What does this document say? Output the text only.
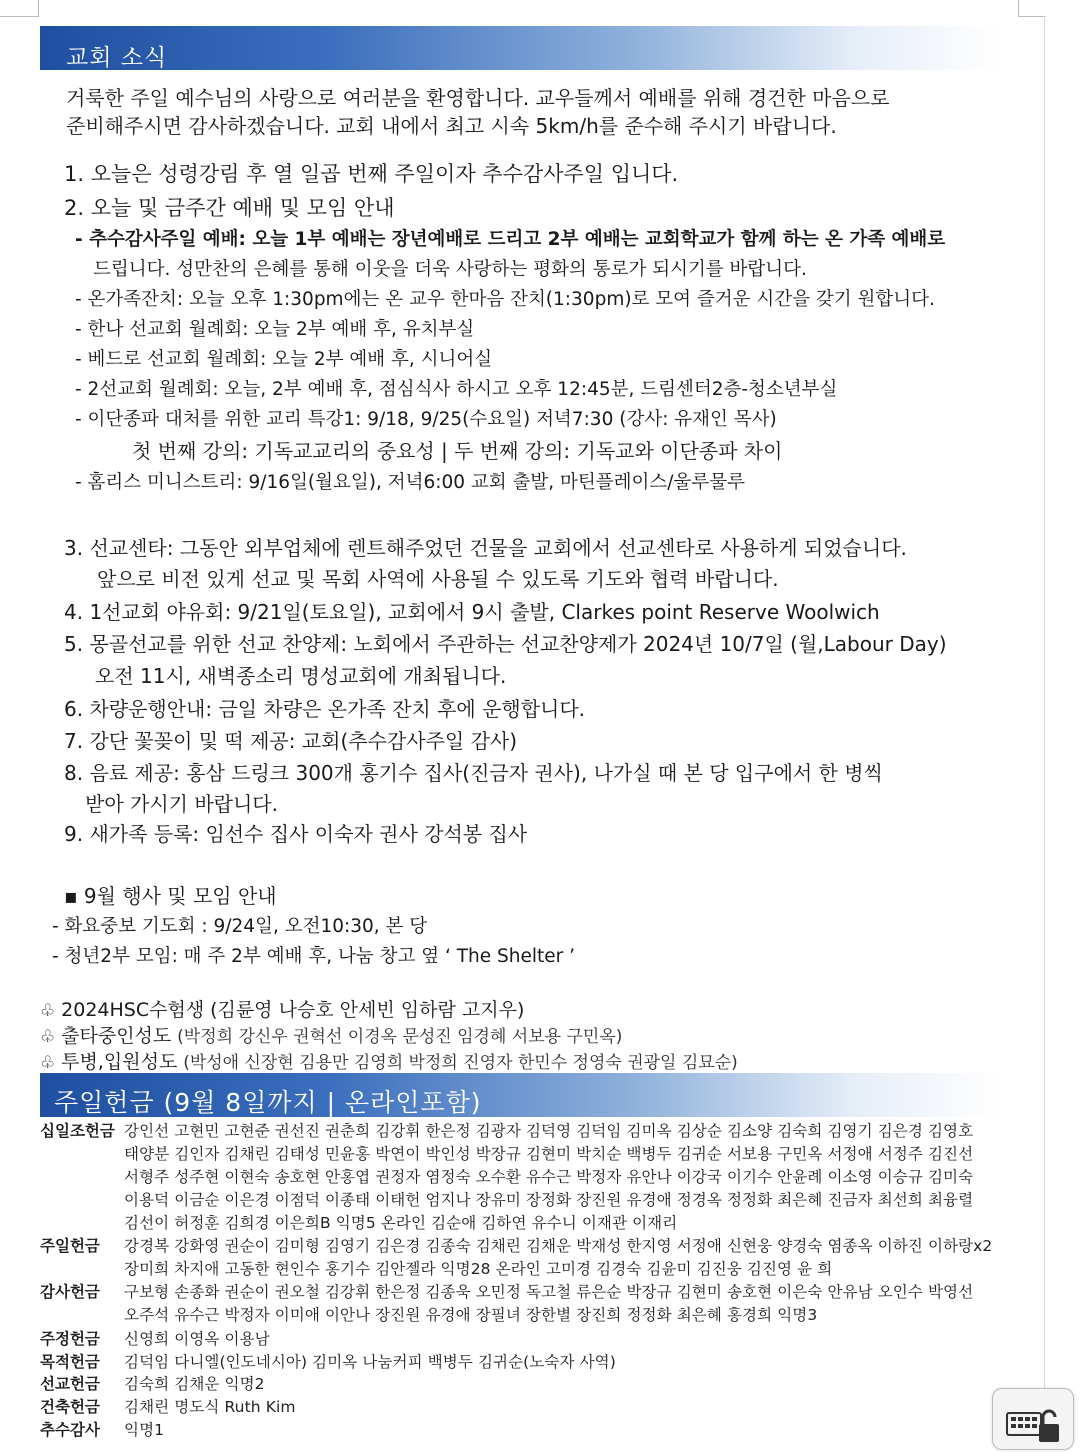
교회 소식
거룩한 주일 예수님의 사랑으로 여러분을 환영합니다. 교우들께서 예배를 위해 경건한 마음으로
준비해주시면 감사하겠습니다. 교회 내에서 최고 시속 5km/h를 준수해 주시기 바랍니다.
1. 오늘은 성령강림 후 열 일곱 번째 주일이자 추수감사주일 입니다.
2. 오늘 및 금주간 예배 및 모임 안내
- 추수감사주일 예배: 오늘 1부 예배는 장년예배로 드리고 2부 예배는 교회학교가 함께 하는 온 가족 예배로
드립니다. 성만찬의 은혜를 통해 이웃을 더욱 사랑하는 평화의 통로가 되시기를 바랍니다.
- 온가족잔치: 오늘 오후 1:30pm에는 온 교우 한마음 잔치(1:30pm)로 모여 즐거운 시간을 갖기 원합니다.
- 한나 선교회 월례회: 오늘 2부 예배 후, 유치부실
- 베드로 선교회 월례회: 오늘 2부 예배 후, 시니어실
- 2선교회 월례회: 오늘, 2부 예배 후, 점심식사 하시고 오후 12:45분, 드림센터2층-청소년부실
- 이단종파 대처를 위한 교리 특강1: 9/18, 9/25(수요일) 저녁7:30 (강사: 유재인 목사)
첫 번째 강의: 기독교교리의 중요성 | 두 번째 강의: 기독교와 이단종파 차이
- 홈리스 미니스트리: 9/16일(월요일), 저녁6:00 교회 출발, 마틴플레이스/울루물루
3. 선교센타: 그동안 외부업체에 렌트해주었던 건물을 교회에서 선교센타로 사용하게 되었습니다.
앞으로 비전 있게 선교 및 목회 사역에 사용될 수 있도록 기도와 협력 바랍니다.
4. 1선교회 야유회: 9/21일(토요일), 교회에서 9시 출발, Clarkes point Reserve Woolwich
5. 몽골선교를 위한 선교 찬양제: 노회에서 주관하는 선교찬양제가 2024년 10/7일 (월,Labour Day)
오전 11시, 새벽종소리 명성교회에 개최됩니다.
6. 차량운행안내: 금일 차량은 온가족 잔치 후에 운행합니다.
7. 강단 꽃꽂이 및 떡 제공: 교회(추수감사주일 감사)
8. 음료 제공: 홍삼 드링크 300개 홍기수 집사(진금자 권사), 나가실 때 본 당 입구에서 한 병씩
받아 가시기 바랍니다.
9. 새가족 등록: 임선수 집사 이숙자 권사 강석봉 집사
▪ 9월 행사 및 모임 안내
- 화요중보 기도회 : 9/24일, 오전10:30, 본 당
- 청년2부 모임: 매 주 2부 예배 후, 나눔 창고 옆 ‘ The Shelter ’
♧ 2024HSC수험생 (김륜영 나승호 안세빈 임하람 고지우)
♧ 출타중인성도 (박정희 강신우 권혁선 이경옥 문성진 임경혜 서보용 구민옥)
♧ 투병,입원성도 (박성애 신장현 김용만 김영희 박정희 진영자 한민수 정영숙 권광일 김묘순)
주일헌금 (9월 8일까지 | 온라인포함)
십일조헌금 강인선 고현민 고현준 권선진 권춘희 김강휘 한은정 김광자 김덕영 김덕임 김미옥 김상순 김소양 김숙희 김영기 김은경 김영호
태양분 김인자 김채린 김태성 민윤홍 박연이 박인성 박장규 김현미 박치순 백병두 김귀순 서보용 구민옥 서정애 서정주 김진선
서형주 성주현 이현숙 송호현 안홍엽 권정자 염정숙 오수환 유수근 박정자 유안나 이강국 이기수 안윤례 이소영 이승규 김미숙
이용덕 이금순 이은경 이점덕 이종태 이태헌 엄지나 장유미 장정화 장진원 유경애 정경옥 정정화 최은혜 진금자 최선희 최융렬
김선이 허정훈 김희경 이은희B 익명5 온라인 김순애 김하연 유수니 이재관 이재리
주일헌금 강경복 강화영 권순이 김미형 김영기 김은경 김종숙 김채린 김채운 박재성 한지영 서정애 신현웅 양경숙 염종옥 이하진 이하랑x2
장미희 차지애 고동한 현인수 홍기수 김안젤라 익명28 온라인 고미경 김경숙 김윤미 김진웅 김진영 윤 희
감사헌금 구보형 손종화 권순이 권오철 김강휘 한은정 김종욱 오민정 독고철 류은순 박장규 김현미 송호현 이은숙 안유남 오인수 박영선
오주석 유수근 박정자 이미애 이안나 장진원 유경애 장필녀 장한별 장진희 정정화 최은혜 홍경희 익명3
주정헌금 신영희 이영옥 이용남
목적헌금 김덕임 다니엘(인도네시아) 김미옥 나눔커피 백병두 김귀순(노숙자 사역)
선교헌금 김숙희 김채운 익명2
건축헌금 김채린 명도식 Ruth Kim
추수감사 익명1
